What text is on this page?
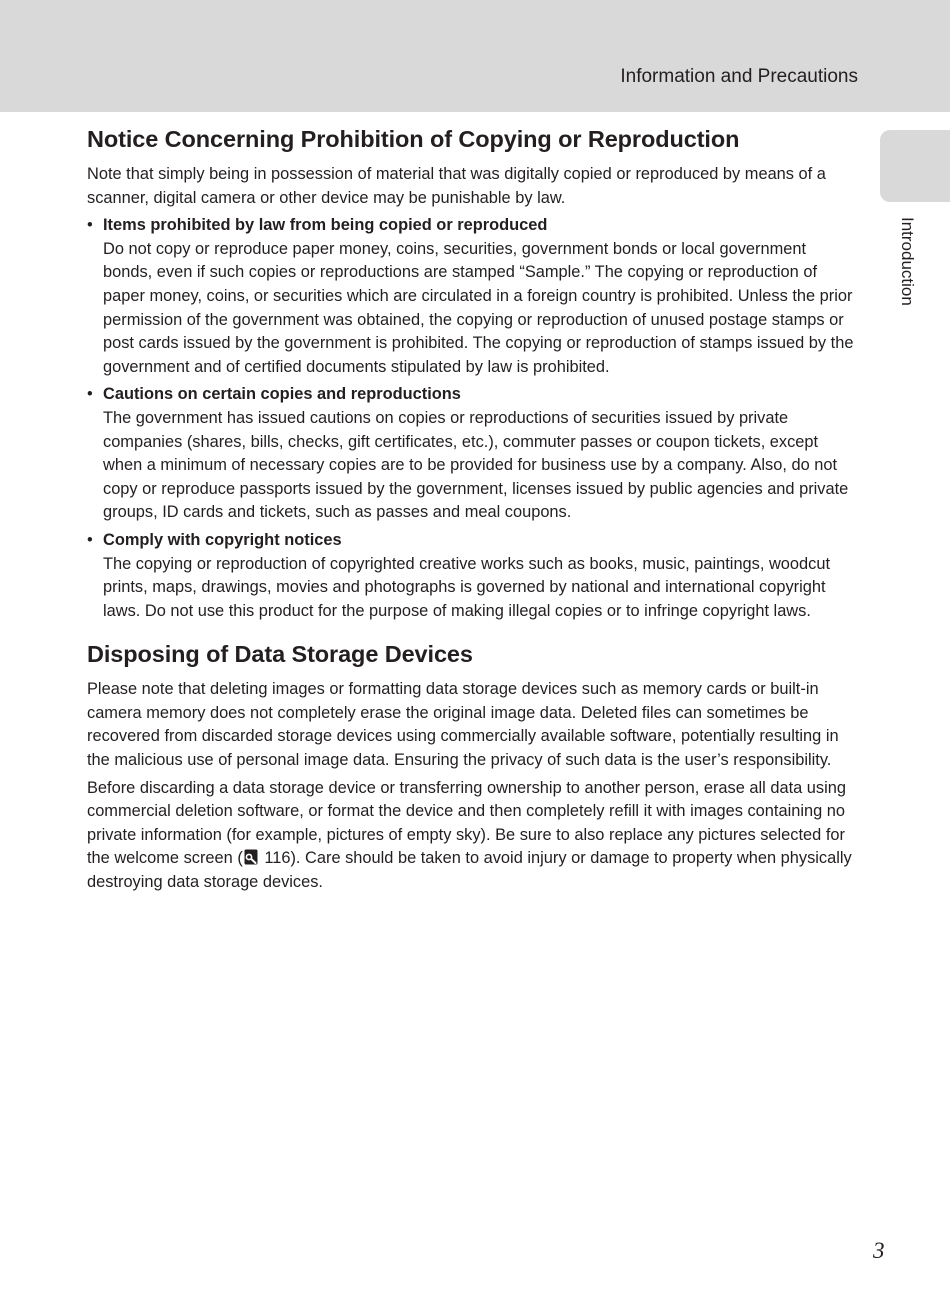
Information and Precautions
Introduction
Notice Concerning Prohibition of Copying or Reproduction

Note that simply being in possession of material that was digitally copied or reproduced by means of a scanner, digital camera or other device may be punishable by law.

• Items prohibited by law from being copied or reproduced
Do not copy or reproduce paper money, coins, securities, government bonds or local government bonds, even if such copies or reproductions are stamped “Sample.” The copying or reproduction of paper money, coins, or securities which are circulated in a foreign country is prohibited. Unless the prior permission of the government was obtained, the copying or reproduction of unused postage stamps or post cards issued by the government is prohibited. The copying or reproduction of stamps issued by the government and of certified documents stipulated by law is prohibited.
• Cautions on certain copies and reproductions
The government has issued cautions on copies or reproductions of securities issued by private companies (shares, bills, checks, gift certificates, etc.), commuter passes or coupon tickets, except when a minimum of necessary copies are to be provided for business use by a company. Also, do not copy or reproduce passports issued by the government, licenses issued by public agencies and private groups, ID cards and tickets, such as passes and meal coupons.
• Comply with copyright notices
The copying or reproduction of copyrighted creative works such as books, music, paintings, woodcut prints, maps, drawings, movies and photographs is governed by national and international copyright laws. Do not use this product for the purpose of making illegal copies or to infringe copyright laws.
Disposing of Data Storage Devices

Please note that deleting images or formatting data storage devices such as memory cards or built-in camera memory does not completely erase the original image data. Deleted files can sometimes be recovered from discarded storage devices using commercially available software, potentially resulting in the malicious use of personal image data. Ensuring the privacy of such data is the user’s responsibility.

Before discarding a data storage device or transferring ownership to another person, erase all data using commercial deletion software, or format the device and then completely refill it with images containing no private information (for example, pictures of empty sky). Be sure to also replace any pictures selected for the welcome screen ( 116). Care should be taken to avoid injury or damage to property when physically destroying data storage devices.

3
